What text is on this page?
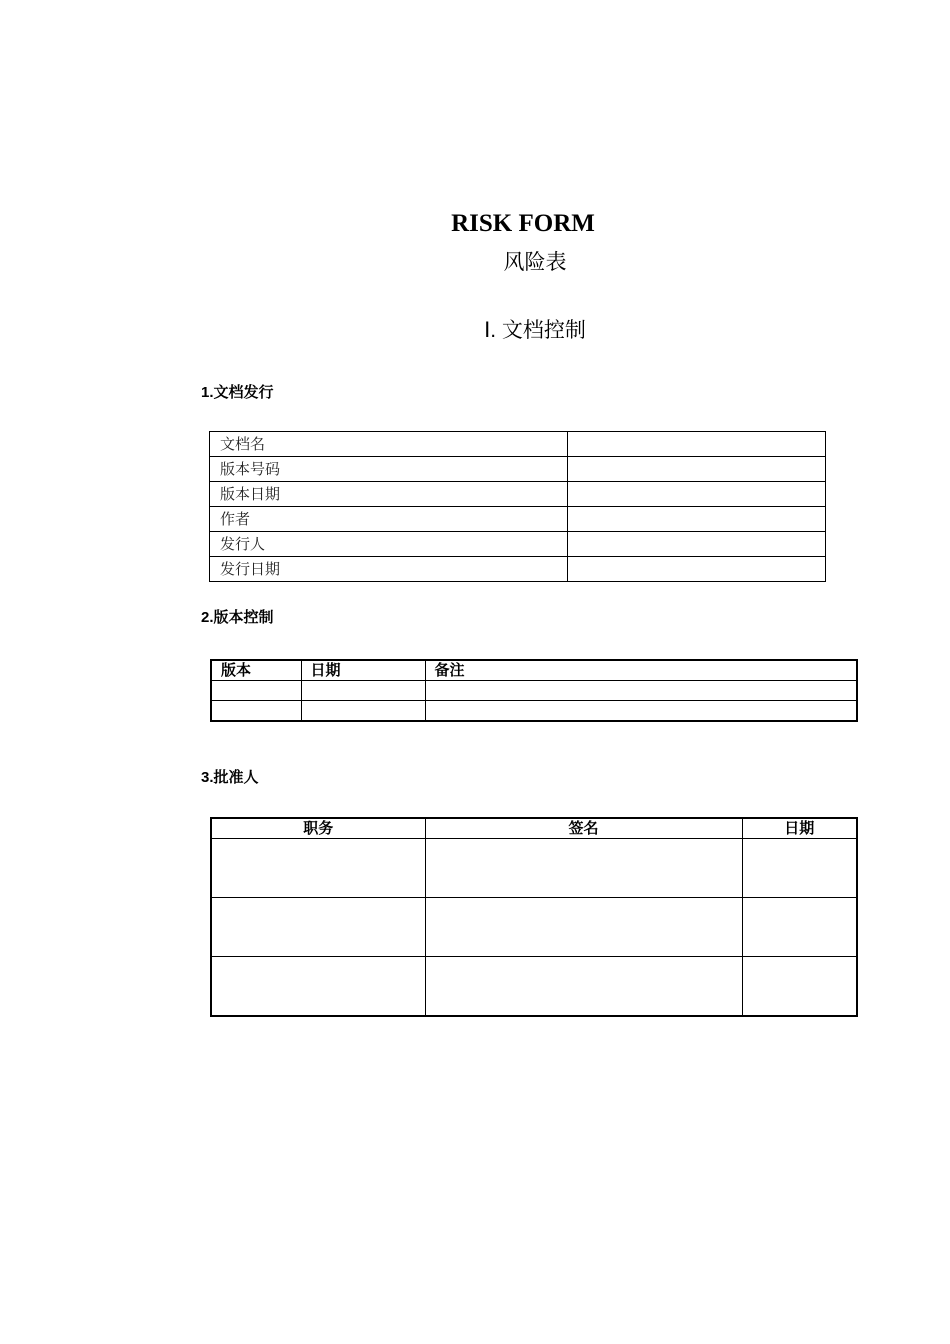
RISK FORM
风险表
Ⅰ. 文档控制
1.文档发行
文档名	
版本号码	
版本日期	
作者	
发行人	
发行日期	
2.版本控制
版本	日期	备注

3.批准人
职务	签名	日期
